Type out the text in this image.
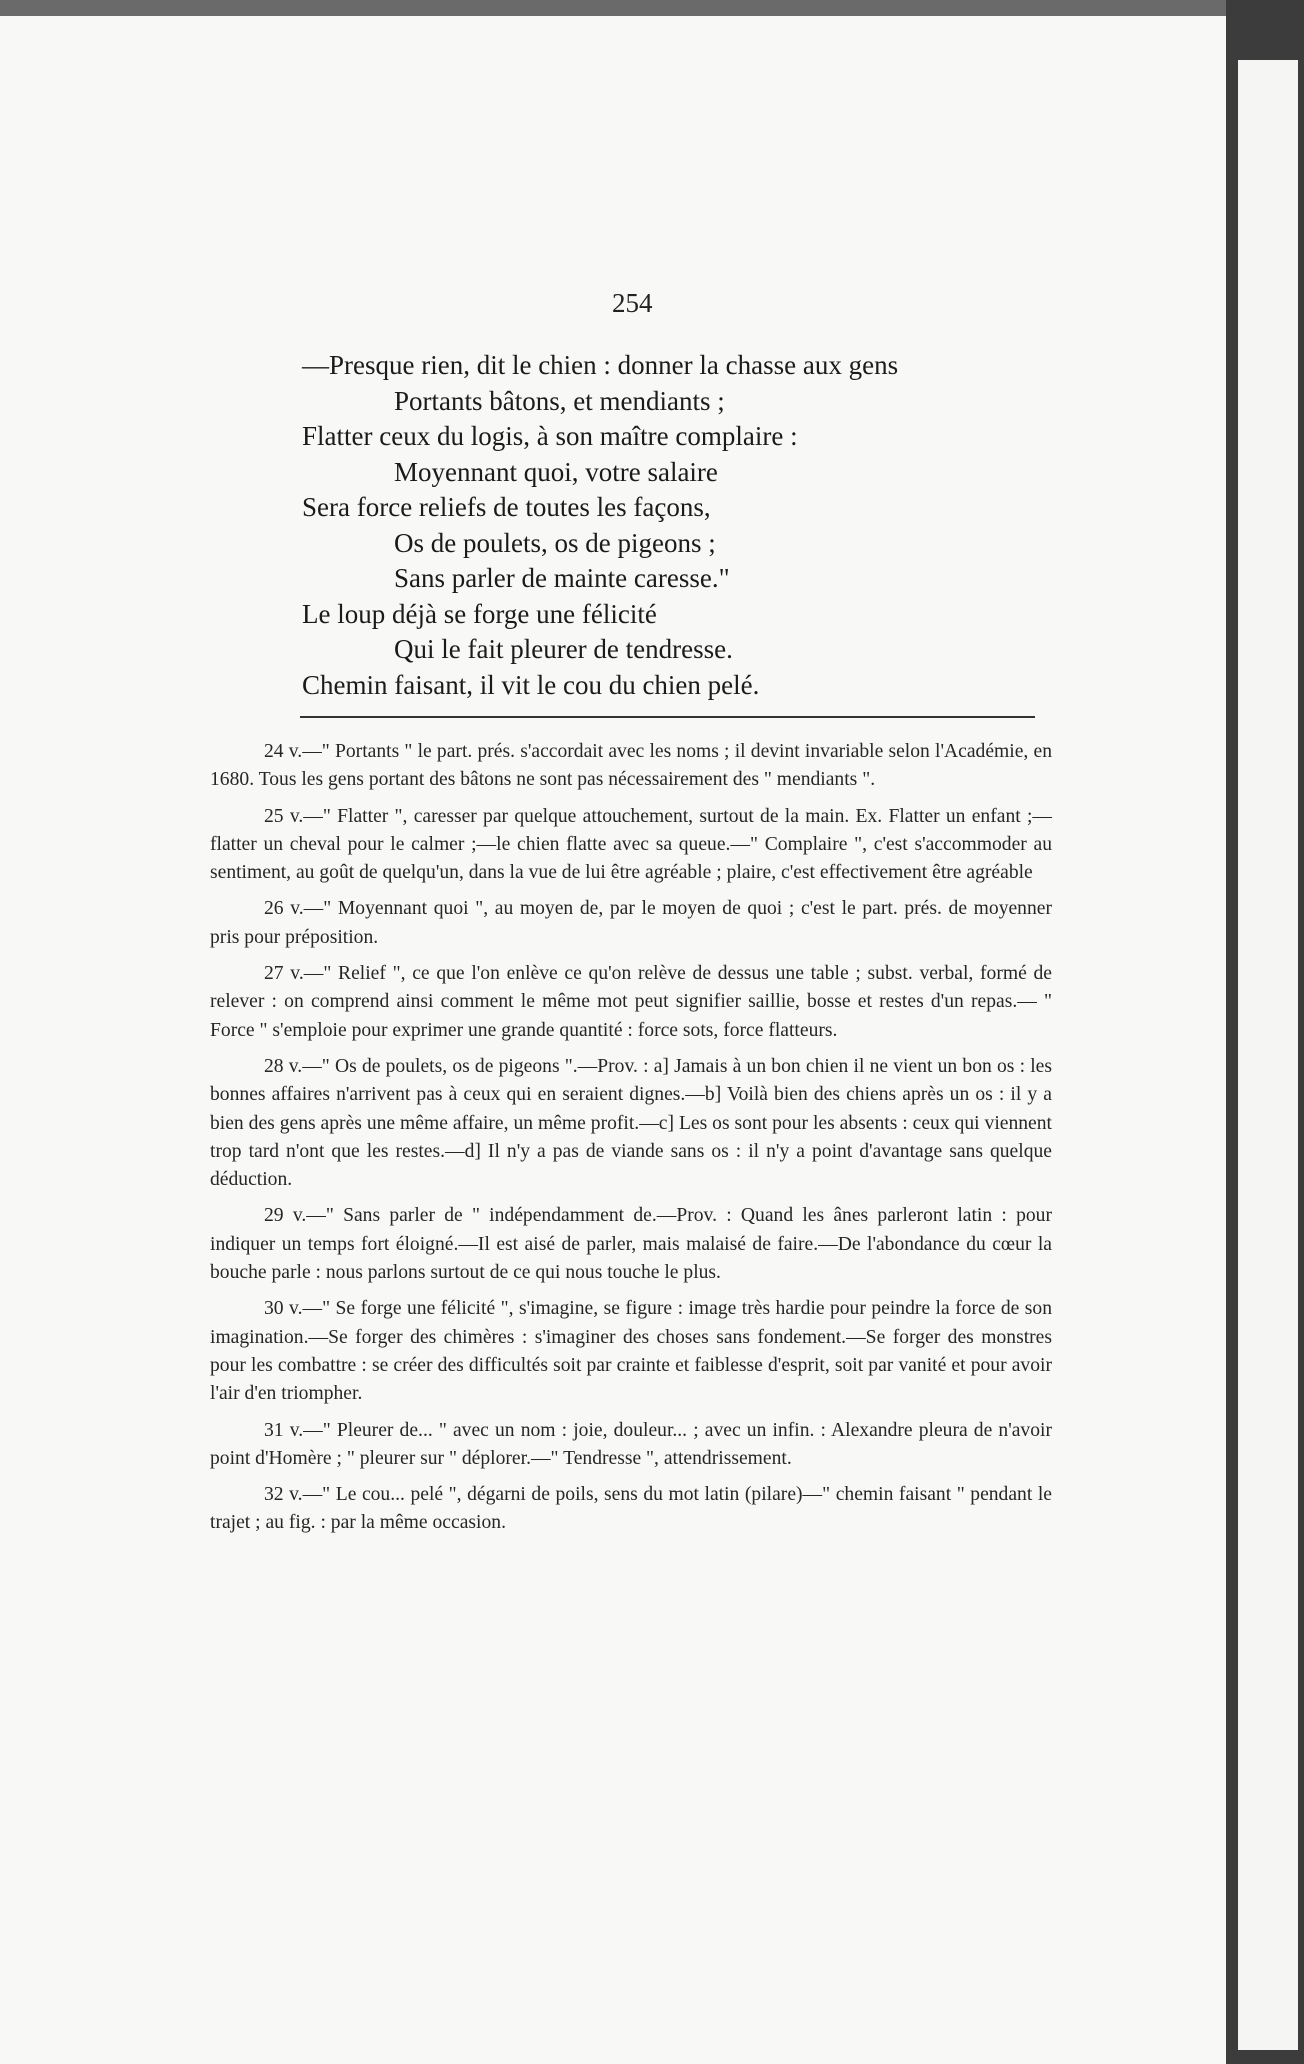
254
—Presque rien, dit le chien : donner la chasse aux gens
Portants bâtons, et mendiants ;
Flatter ceux du logis, à son maître complaire :
Moyennant quoi, votre salaire
Sera force reliefs de toutes les façons,
Os de poulets, os de pigeons ;
Sans parler de mainte caresse."
Le loup déjà se forge une félicité
Qui le fait pleurer de tendresse.
Chemin faisant, il vit le cou du chien pelé.

24 v.—" Portants " le part. prés. s'accordait avec les noms ; il devint invariable selon l'Académie, en 1680. Tous les gens portant des bâtons ne sont pas nécessairement des " mendiants ".

25 v.—" Flatter ", caresser par quelque attouchement, surtout de la main. Ex. Flatter un enfant ;—flatter un cheval pour le calmer ;—le chien flatte avec sa queue.—" Complaire ", c'est s'accommoder au sentiment, au goût de quelqu'un, dans la vue de lui être agréable ; plaire, c'est effectivement être agréable

26 v.—" Moyennant quoi ", au moyen de, par le moyen de quoi ; c'est le part. prés. de moyenner pris pour préposition.

27 v.—" Relief ", ce que l'on enlève ce qu'on relève de dessus une table ; subst. verbal, formé de relever : on comprend ainsi comment le même mot peut signifier saillie, bosse et restes d'un repas.— " Force " s'emploie pour exprimer une grande quantité : force sots, force flatteurs.

28 v.—" Os de poulets, os de pigeons ".—Prov. : a] Jamais à un bon chien il ne vient un bon os : les bonnes affaires n'arrivent pas à ceux qui en seraient dignes.—b] Voilà bien des chiens après un os : il y a bien des gens après une même affaire, un même profit.—c] Les os sont pour les absents : ceux qui viennent trop tard n'ont que les restes.—d] Il n'y a pas de viande sans os : il n'y a point d'avantage sans quelque déduction.

29 v.—" Sans parler de " indépendamment de.—Prov. : Quand les ânes parleront latin : pour indiquer un temps fort éloigné.—Il est aisé de parler, mais malaisé de faire.—De l'abondance du cœur la bouche parle : nous parlons surtout de ce qui nous touche le plus.

30 v.—" Se forge une félicité ", s'imagine, se figure : image très hardie pour peindre la force de son imagination.—Se forger des chimères : s'imaginer des choses sans fondement.—Se forger des monstres pour les combattre : se créer des difficultés soit par crainte et faiblesse d'esprit, soit par vanité et pour avoir l'air d'en triompher.

31 v.—" Pleurer de... " avec un nom : joie, douleur... ; avec un infin. : Alexandre pleura de n'avoir point d'Homère ; " pleurer sur " déplorer.—" Tendresse ", attendrissement.

32 v.—" Le cou... pelé ", dégarni de poils, sens du mot latin (pilare)—" chemin faisant " pendant le trajet ; au fig. : par la même occasion.
